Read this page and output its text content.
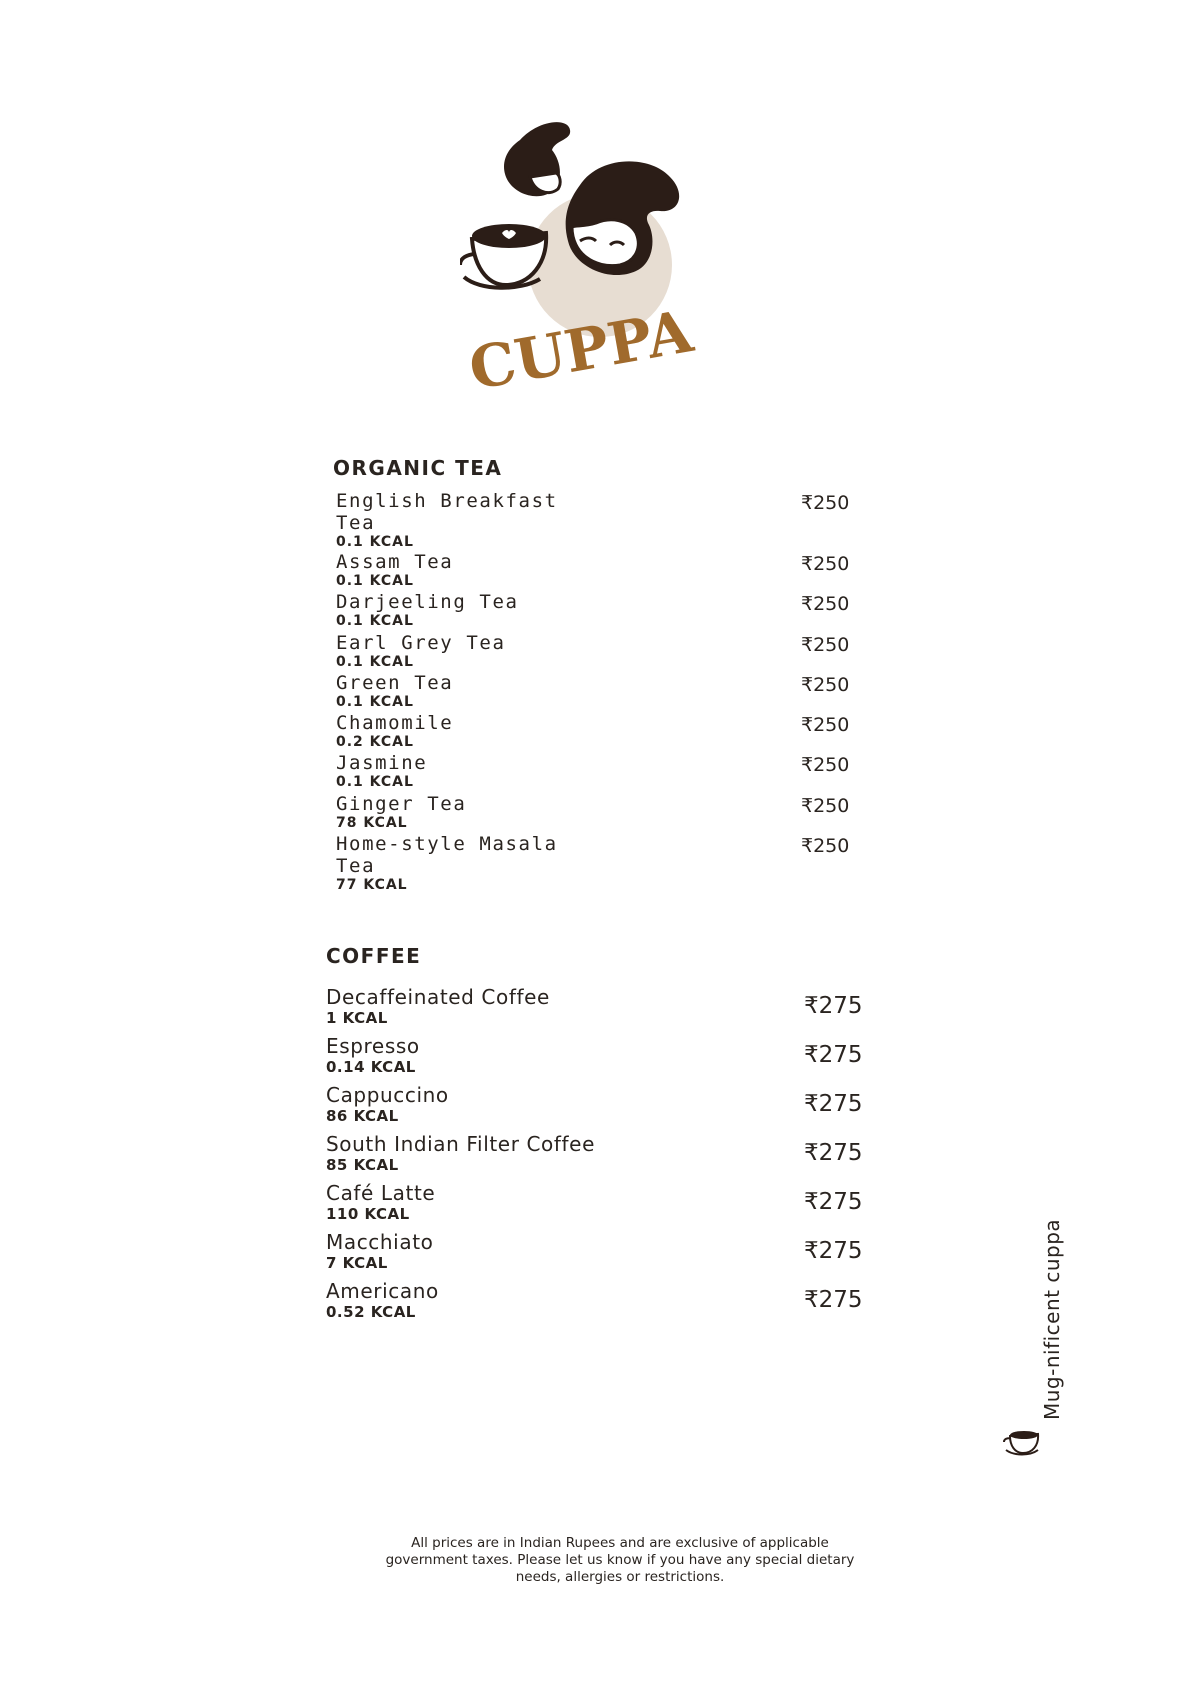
CUPPA
ORGANIC TEA
English Breakfast Tea
0.1 KCAL
₹250
Assam Tea
0.1 KCAL
₹250
Darjeeling Tea
0.1 KCAL
₹250
Earl Grey Tea
0.1 KCAL
₹250
Green Tea
0.1 KCAL
₹250
Chamomile
0.2 KCAL
₹250
Jasmine
0.1 KCAL
₹250
Ginger Tea
78 KCAL
₹250
Home-style Masala Tea
77 KCAL
₹250
COFFEE
Decaffeinated Coffee
1 KCAL	₹275
Espresso
0.14 KCAL	₹275
Cappuccino
86 KCAL	₹275
South Indian Filter Coffee
85 KCAL	₹275
Café Latte
110 KCAL	₹275
Macchiato
7 KCAL	₹275
Americano
0.52 KCAL	₹275	Mug-nificent cuppa

All prices are in Indian Rupees and are exclusive of applicable government taxes. Please let us know if you have any special dietary needs, allergies or restrictions.
